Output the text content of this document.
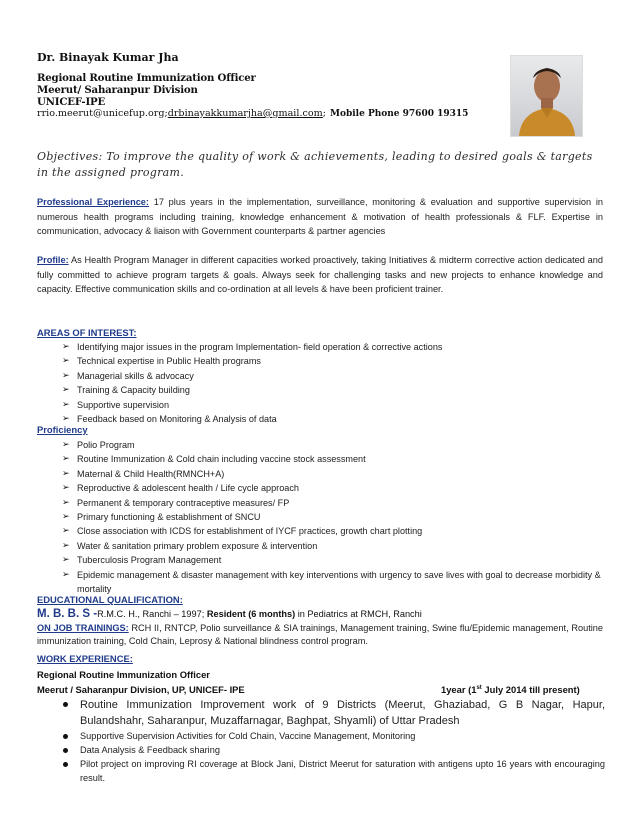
Dr. Binayak Kumar Jha
Regional Routine Immunization Officer
Meerut/ Saharanpur Division
UNICEF-IPE
rrio.meerut@unicefup.org;drbinayakkumarjha@gmail.com; Mobile Phone 97600 19315
Objectives: To improve the quality of work & achievements, leading to desired goals & targets in the assigned program.
Professional Experience: 17 plus years in the implementation, surveillance, monitoring & evaluation and supportive supervision in numerous health programs including training, knowledge enhancement & motivation of health professionals & FLF. Expertise in communication, advocacy & liaison with Government counterparts & partner agencies
Profile: As Health Program Manager in different capacities worked proactively, taking Initiatives & midterm corrective action dedicated and fully committed to achieve program targets & goals. Always seek for challenging tasks and new projects to enhance knowledge and capacity. Effective communication skills and co-ordination at all levels & have been proficient trainer.
AREAS OF INTEREST:
➢ Identifying major issues in the program Implementation- field operation & corrective actions
➢ Technical expertise in Public Health programs
➢ Managerial skills & advocacy
➢ Training & Capacity building
➢ Supportive supervision
➢ Feedback based on Monitoring & Analysis of data
Proficiency
➢ Polio Program
➢ Routine Immunization & Cold chain including vaccine stock assessment
➢ Maternal & Child Health(RMNCH+A)
➢ Reproductive & adolescent health / Life cycle approach
➢ Permanent & temporary contraceptive measures/ FP
➢ Primary functioning & establishment of SNCU
➢ Close association with ICDS for establishment of IYCF practices, growth chart plotting
➢ Water & sanitation primary problem exposure & intervention
➢ Tuberculosis Program Management
➢ Epidemic management & disaster management with key interventions with urgency to save lives with goal to decrease morbidity & mortality
EDUCATIONAL QUALIFICATION:
M. B. B. S -R.M.C. H., Ranchi – 1997; Resident (6 months) in Pediatrics at RMCH, Ranchi
ON JOB TRAININGS: RCH II, RNTCP, Polio surveillance & SIA trainings, Management training, Swine flu/Epidemic management, Routine immunization training, Cold Chain, Leprosy & National blindness control program.
WORK EXPERIENCE:
Regional Routine Immunization Officer
Meerut / Saharanpur Division, UP, UNICEF- IPE	1year (1st July 2014 till present)
Routine Immunization Improvement work of 9 Districts (Meerut, Ghaziabad, G B Nagar, Hapur, Bulandshahr, Saharanpur, Muzaffarnagar, Baghpat, Shyamli) of Uttar Pradesh
Supportive Supervision Activities for Cold Chain, Vaccine Management, Monitoring
Data Analysis & Feedback sharing
Pilot project on improving RI coverage at Block Jani, District Meerut for saturation with antigens upto 16 years with encouraging result.
